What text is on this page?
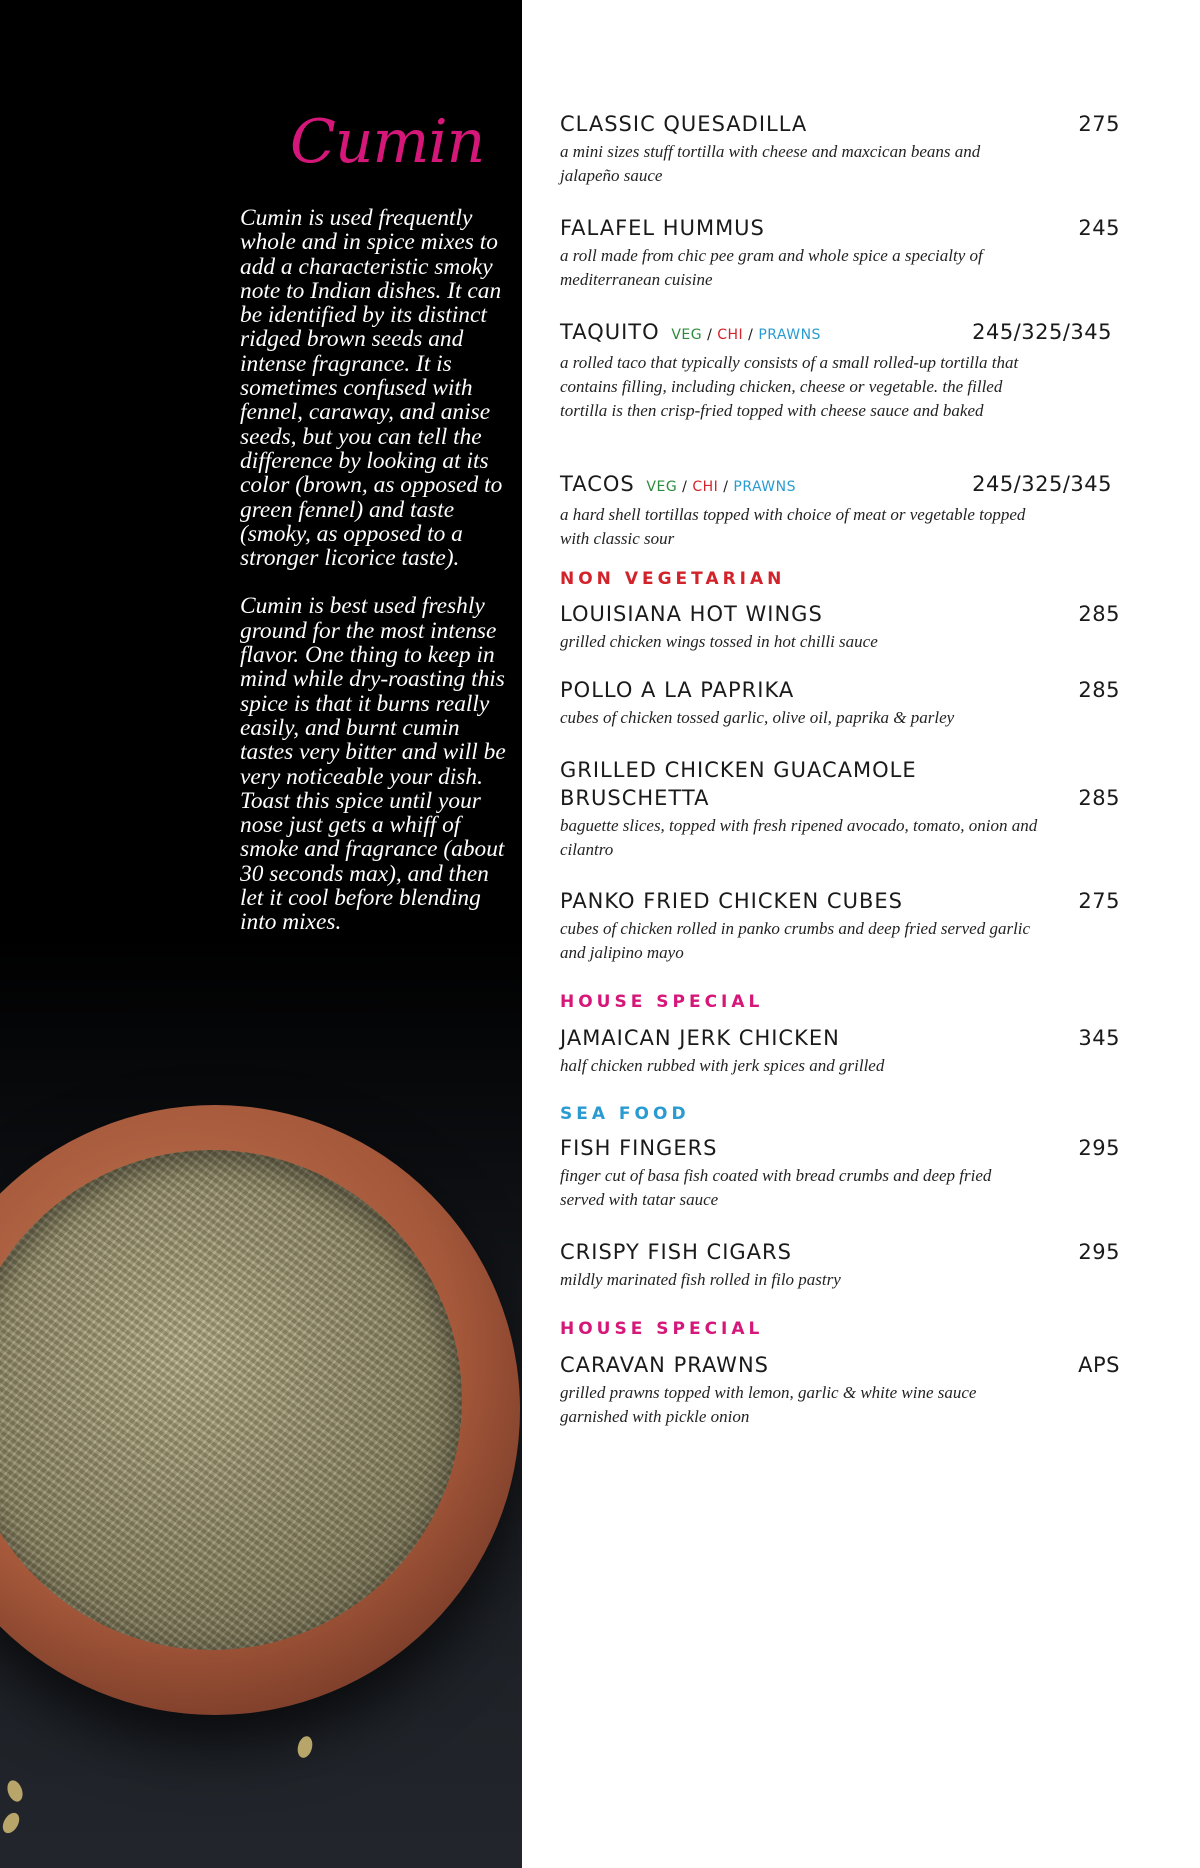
Cumin

Cumin is used frequently whole and in spice mixes to add a characteristic smoky note to Indian dishes. It can be identified by its distinct ridged brown seeds and intense fragrance. It is sometimes confused with fennel, caraway, and anise seeds, but you can tell the difference by looking at its color (brown, as opposed to green fennel) and taste (smoky, as opposed to a stronger licorice taste).

Cumin is best used freshly ground for the most intense flavor. One thing to keep in mind while dry-roasting this spice is that it burns really easily, and burnt cumin tastes very bitter and will be very noticeable your dish. Toast this spice until your nose just gets a whiff of smoke and fragrance (about 30 seconds max), and then let it cool before blending into mixes.

275
CLASSIC QUESADILLA
a mini sizes stuff tortilla with cheese and maxcican beans and jalapeño sauce
245
FALAFEL HUMMUS
a roll made from chic pee gram and whole spice a specialty of mediterranean cuisine
245/325/345
TAQUITO VEG / CHI / PRAWNS
a rolled taco that typically consists of a small rolled-up tortilla that contains filling, including chicken, cheese or vegetable. the filled tortilla is then crisp-fried topped with cheese sauce and baked
245/325/345
TACOS VEG / CHI / PRAWNS
a hard shell tortillas topped with choice of meat or vegetable topped with classic sour
NON VEGETARIAN
285
LOUISIANA HOT WINGS
grilled chicken wings tossed in hot chilli sauce
285
POLLO A LA PAPRIKA
cubes of chicken tossed garlic, olive oil, paprika & parley
285
GRILLED CHICKEN GUACAMOLE
BRUSCHETTA
baguette slices, topped with fresh ripened avocado, tomato, onion and cilantro
275
PANKO FRIED CHICKEN CUBES
cubes of chicken rolled in panko crumbs and deep fried served garlic and jalipino mayo
HOUSE SPECIAL
345
JAMAICAN JERK CHICKEN
half chicken rubbed with jerk spices and grilled
SEA FOOD
295
FISH FINGERS
finger cut of basa fish coated with bread crumbs and deep fried served with tatar sauce
295
CRISPY FISH CIGARS
mildly marinated fish rolled in filo pastry
HOUSE SPECIAL
APS
CARAVAN PRAWNS
grilled prawns topped with lemon, garlic & white wine sauce garnished with pickle onion
